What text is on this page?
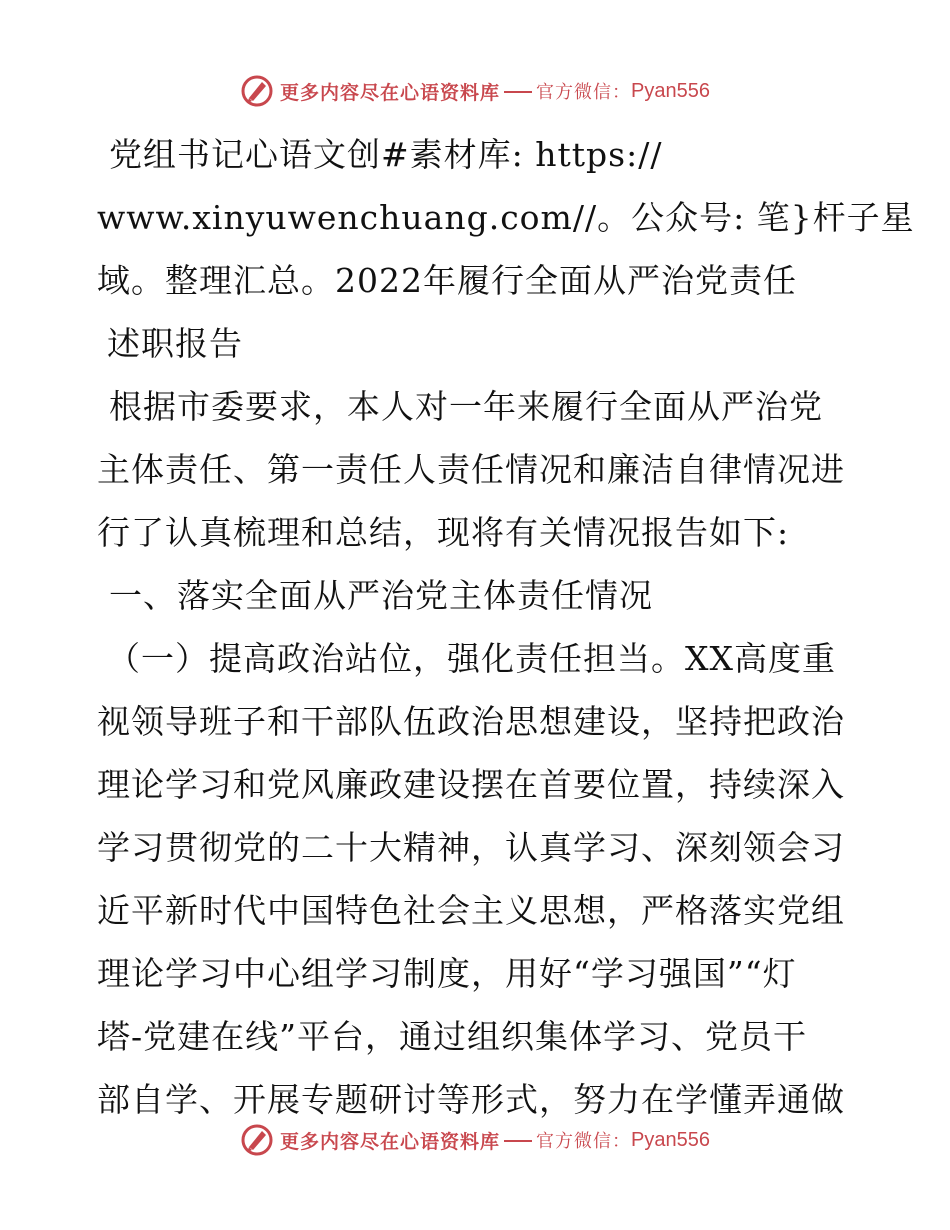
更多内容尽在心语资料库 官方微信： Pyan556
党组书记心语文创#素材库: https://
www.xinyuwenchuang.com//。公众号: 笔}杆子星
域。整理汇总。2022年履行全面从严治党责任
述职报告
根据市委要求，本人对一年来履行全面从严治党
主体责任、第一责任人责任情况和廉洁自律情况进
行了认真梳理和总结，现将有关情况报告如下:
一、落实全面从严治党主体责任情况
（一）提高政治站位，强化责任担当。XX高度重
视领导班子和干部队伍政治思想建设，坚持把政治
理论学习和党风廉政建设摆在首要位置，持续深入
学习贯彻党的二十大精神，认真学习、深刻领会习
近平新时代中国特色社会主义思想，严格落实党组
理论学习中心组学习制度，用好“学习强国”“灯
塔-党建在线”平台，通过组织集体学习、党员干
部自学、开展专题研讨等形式，努力在学懂弄通做
更多内容尽在心语资料库 官方微信： Pyan556
